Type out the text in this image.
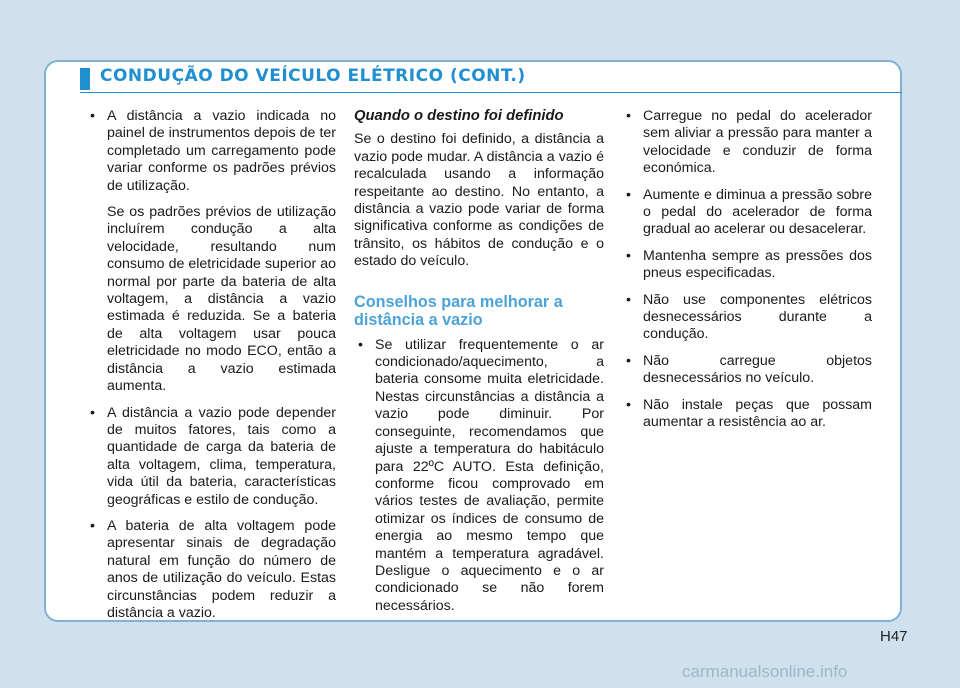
CONDUÇÃO DO VEÍCULO ELÉTRICO (CONT.)
• A distância a vazio indicada no painel de instrumentos depois de ter completado um carregamento pode variar conforme os padrões prévios de utilização.
Se os padrões prévios de utilização incluírem condução a alta velocidade, resultando num consumo de eletricidade superior ao normal por parte da bateria de alta voltagem, a distância a vazio estimada é reduzida. Se a bateria de alta voltagem usar pouca eletricidade no modo ECO, então a distância a vazio estimada aumenta.
• A distância a vazio pode depender de muitos fatores, tais como a quantidade de carga da bateria de alta voltagem, clima, temperatura, vida útil da bateria, características geográficas e estilo de condução.
• A bateria de alta voltagem pode apresentar sinais de degradação natural em função do número de anos de utilização do veículo. Estas circunstâncias podem reduzir a distância a vazio.
Quando o destino foi definido
Se o destino foi definido, a distância a vazio pode mudar. A distância a vazio é recalculada usando a informação respeitante ao destino. No entanto, a distância a vazio pode variar de forma significativa conforme as condições de trânsito, os hábitos de condução e o estado do veículo.
Conselhos para melhorar a distância a vazio
• Se utilizar frequentemente o ar condicionado/aquecimento, a bateria consome muita eletricidade. Nestas circunstâncias a distância a vazio pode diminuir. Por conseguinte, recomendamos que ajuste a temperatura do habitáculo para 22ºC AUTO. Esta definição, conforme ficou comprovado em vários testes de avaliação, permite otimizar os índices de consumo de energia ao mesmo tempo que mantém a temperatura agradável. Desligue o aquecimento e o ar condicionado se não forem necessários.
• Carregue no pedal do acelerador sem aliviar a pressão para manter a velocidade e conduzir de forma económica.
• Aumente e diminua a pressão sobre o pedal do acelerador de forma gradual ao acelerar ou desacelerar.
• Mantenha sempre as pressões dos pneus especificadas.
• Não use componentes elétricos desnecessários durante a condução.
• Não carregue objetos desnecessários no veículo.
• Não instale peças que possam aumentar a resistência ao ar.
H47
carmanualsonline.info
